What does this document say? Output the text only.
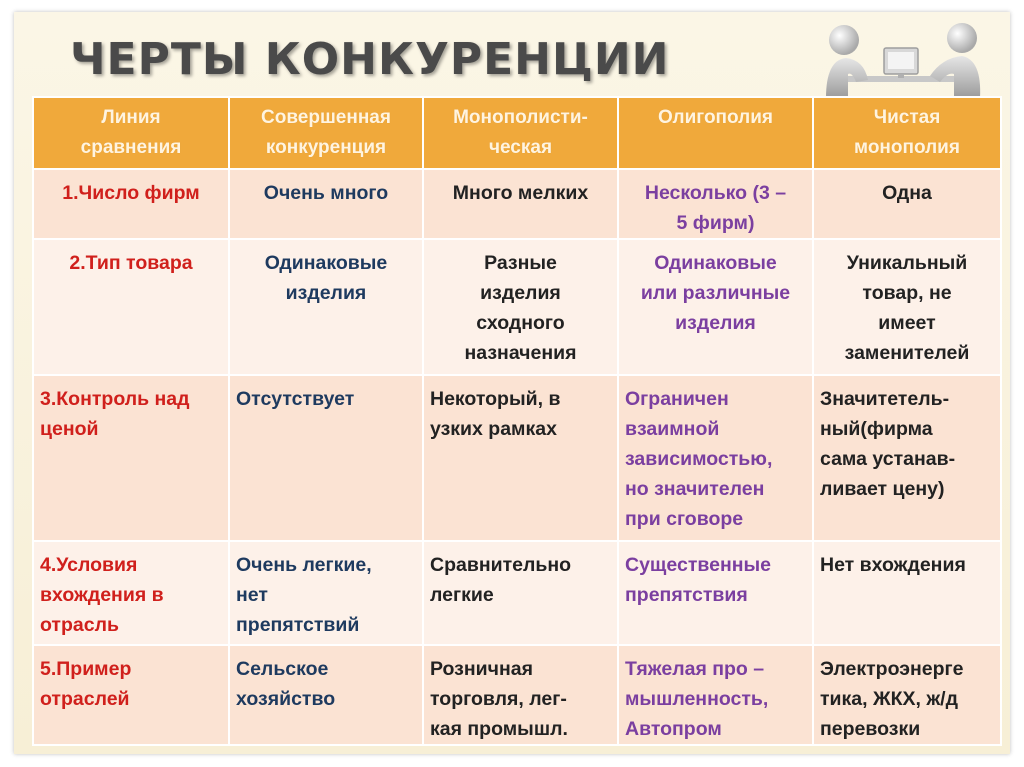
ЧЕРТЫ КОНКУРЕНЦИИ
Линия
сравнения	Совершенная
конкуренция	Монополисти-
ческая	Олигополия	Чистая
монополия

1.Число фирм	Очень много	Много мелких	Несколько (3 –
5 фирм)	Одна

2.Тип товара	Одинаковые
изделия	Разные
изделия
сходного
назначения	Одинаковые
или различные
изделия	Уникальный
товар, не
имеет
заменителей

3.Контроль над
ценой	Отсутствует	Некоторый, в
узких рамках	Ограничен
взаимной
зависимостью,
но значителен
при сговоре	Значитетель-
ный(фирма
сама устанав-
ливает цену)

4.Условия
вхождения в
отрасль	Очень легкие,
нет
препятствий	Сравнительно
легкие	Существенные
препятствия	Нет вхождения

5.Пример
отраслей	Сельское
хозяйство	Розничная
торговля, лег-
кая промышл.	Тяжелая про –
мышленность,
Автопром	Электроэнерге
тика, ЖКХ, ж/д
перевозки
